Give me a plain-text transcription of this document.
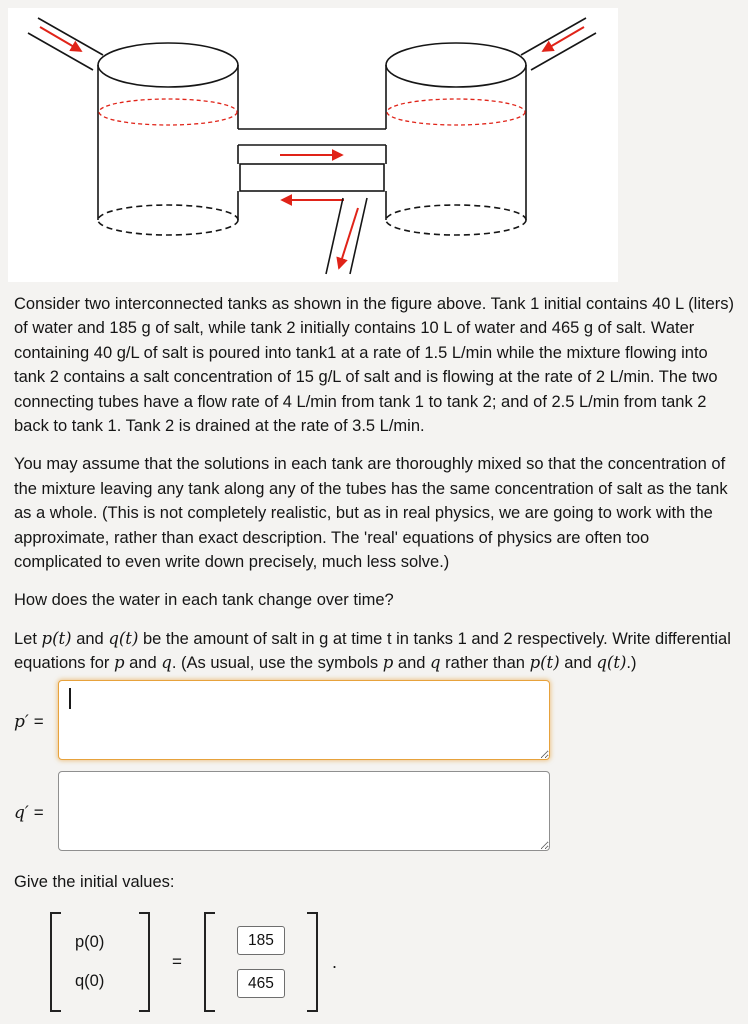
Consider two interconnected tanks as shown in the figure above. Tank 1 initial contains 40 L (liters) of water and 185 g of salt, while tank 2 initially contains 10 L of water and 465 g of salt. Water containing 40 g/L of salt is poured into tank1 at a rate of 1.5 L/min while the mixture flowing into tank 2 contains a salt concentration of 15 g/L of salt and is flowing at the rate of 2 L/min. The two connecting tubes have a flow rate of 4 L/min from tank 1 to tank 2; and of 2.5 L/min from tank 2 back to tank 1. Tank 2 is drained at the rate of 3.5 L/min.

You may assume that the solutions in each tank are thoroughly mixed so that the concentration of the mixture leaving any tank along any of the tubes has the same concentration of salt as the tank as a whole. (This is not completely realistic, but as in real physics, we are going to work with the approximate, rather than exact description. The 'real' equations of physics are often too complicated to even write down precisely, much less solve.)

How does the water in each tank change over time?

Let p(t) and q(t) be the amount of salt in g at time t in tanks 1 and 2 respectively. Write differential equations for p and q. (As usual, use the symbols p and q rather than p(t) and q(t).)

p′ =
q′ =

Give the initial values:

p(0)
q(0)
=
185
465	.
